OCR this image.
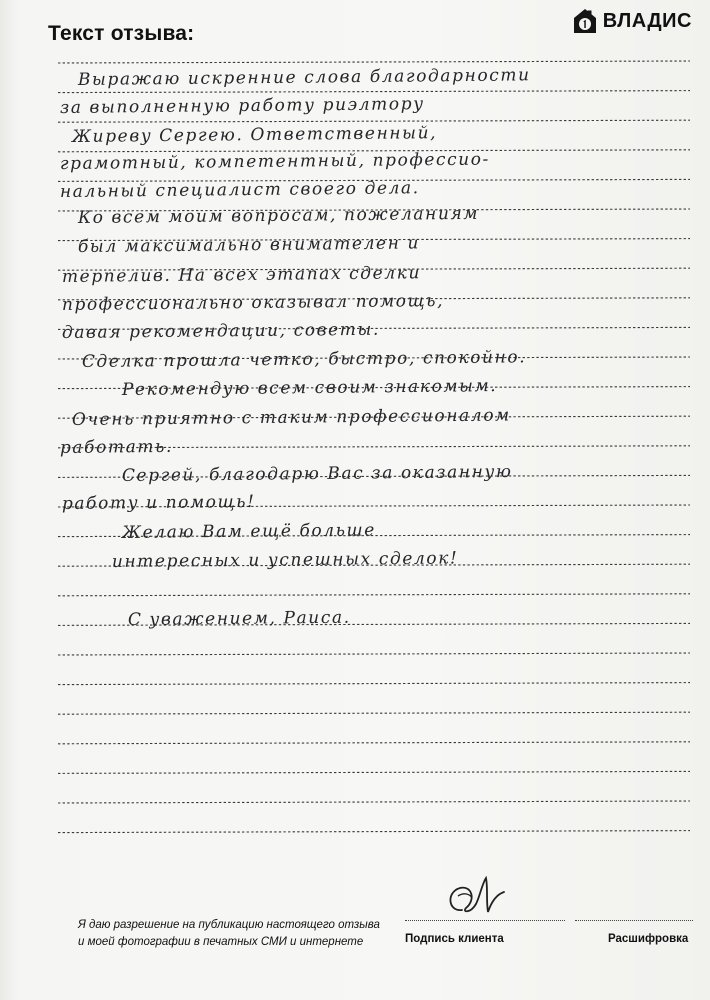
Текст отзыва:
ВЛАДИС
Выражаю искренние слова благодарности
за выполненную работу риэлтору
Жиреву Сергею. Ответственный,
грамотный, компетентный, профессио-
нальный специалист своего дела.
Ко всем моим вопросам, пожеланиям
был максимально внимателен и
терпелив. На всех этапах сделки
профессионально оказывал помощь,
давая рекомендации, советы.
Сделка прошла четко, быстро, спокойно.
Рекомендую всем своим знакомым.
Очень приятно с таким профессионалом
работать.
Сергей, благодарю Вас за оказанную
работу и помощь!
Желаю Вам ещё больше
интересных и успешных сделок!
С уважением, Раиса.
Я даю разрешение на публикацию настоящего отзыва
и моей фотографии в печатных СМИ и интернете	Подпись клиента	Расшифровка
